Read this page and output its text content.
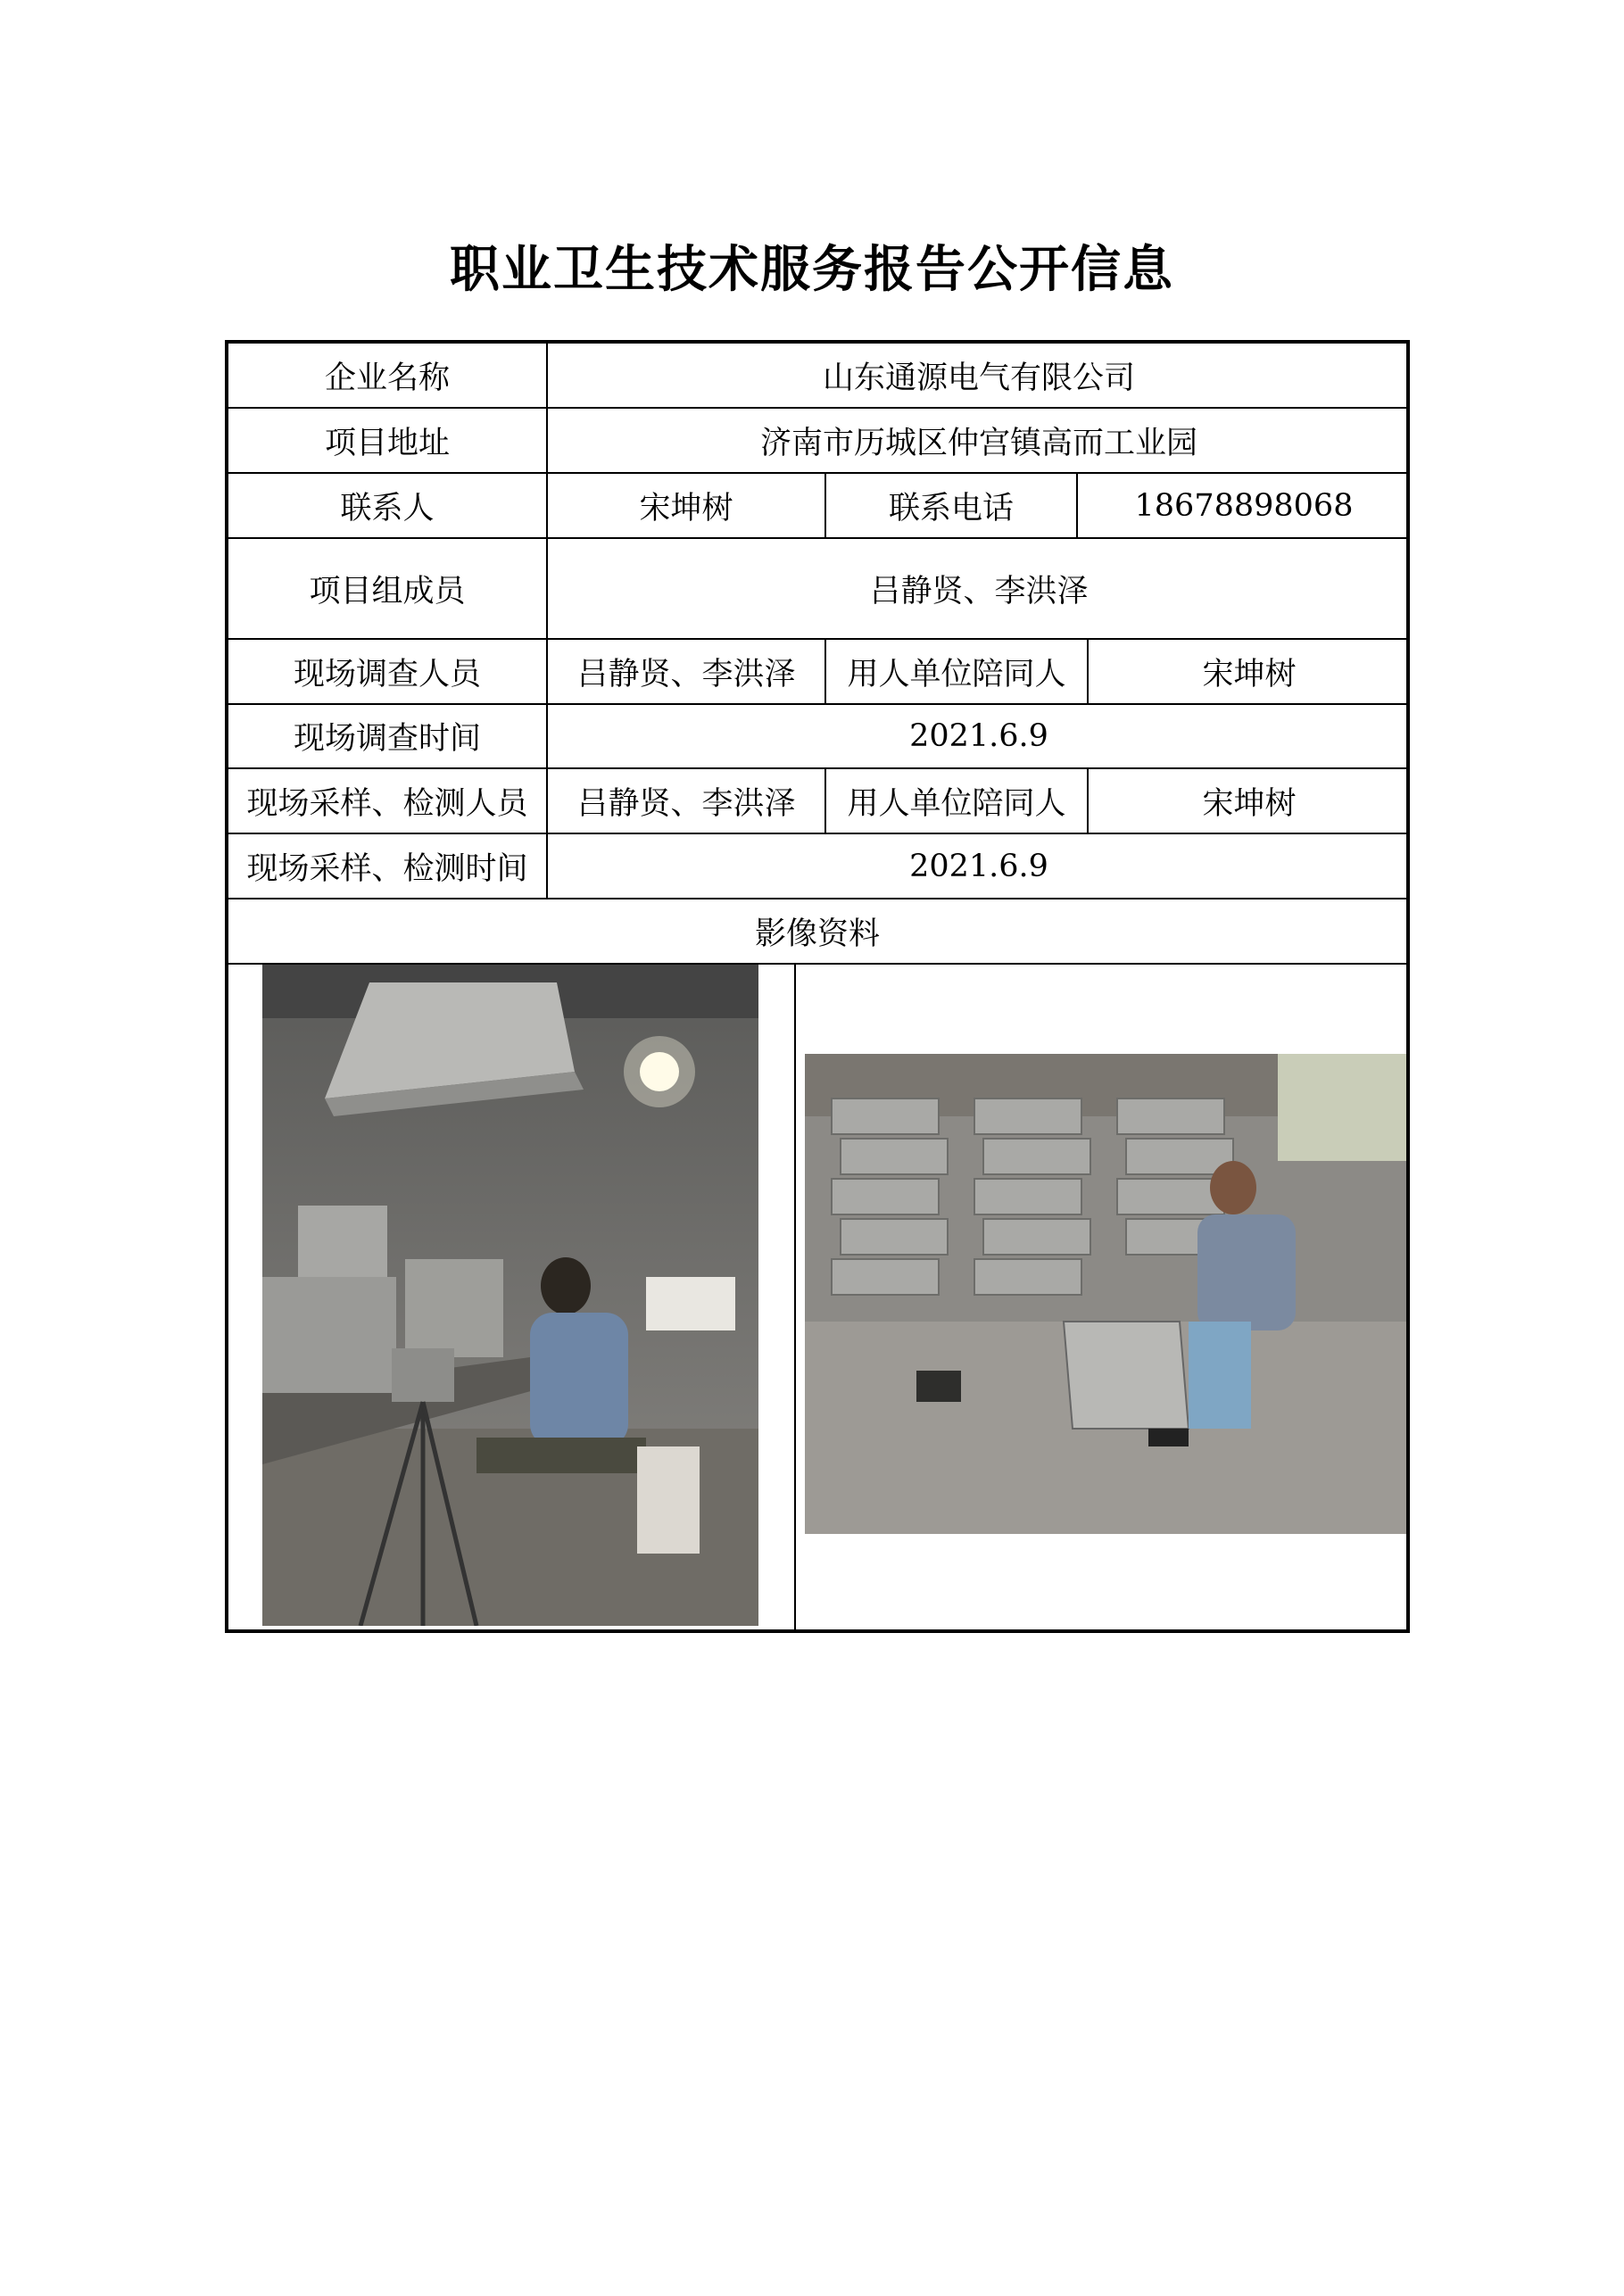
职业卫生技术服务报告公开信息
企业名称	山东通源电气有限公司
项目地址	济南市历城区仲宫镇高而工业园
联系人	宋坤树	联系电话	18678898068
项目组成员	吕静贤、李洪泽
现场调查人员	吕静贤、李洪泽	用人单位陪同人	宋坤树
现场调查时间	2021.6.9
现场采样、检测人员	吕静贤、李洪泽	用人单位陪同人	宋坤树
现场采样、检测时间	2021.6.9
影像资料
